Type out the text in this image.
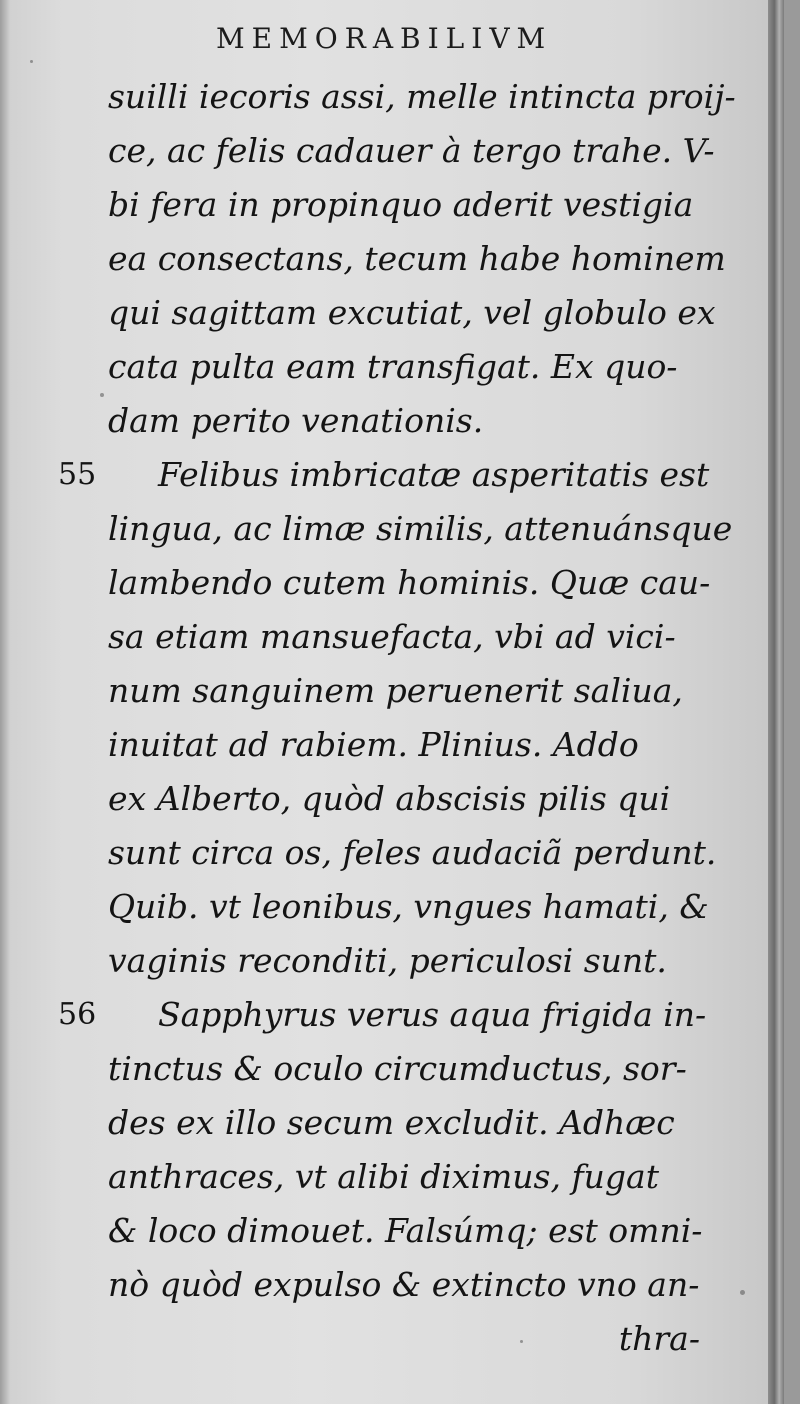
MEMORABILIVM
suilli iecoris assi, melle intincta proij-
ce, ac felis cadauer à tergo trahe. V-
bi fera in propinquo aderit vestigia
ea consectans, tecum habe hominem
qui sagittam excutiat, vel globulo ex
cata pulta eam transfigat. Ex quo-
dam perito venationis.
55 Felibus imbricatæ asperitatis est
lingua, ac limæ similis, attenuánsque
lambendo cutem hominis. Quæ cau-
sa etiam mansuefacta, vbi ad vici-
num sanguinem peruenerit saliua,
inuitat ad rabiem. Plinius. Addo
ex Alberto, quòd abscisis pilis qui
sunt circa os, feles audaciã perdunt.
Quib. vt leonibus, vngues hamati, &
vaginis reconditi, periculosi sunt.
56 Sapphyrus verus aqua frigida in-
tinctus & oculo circumductus, sor-
des ex illo secum excludit. Adhæc
anthraces, vt alibi diximus, fugat
& loco dimouet. Falsúmq; est omni-
nò quòd expulso & extincto vno an-
thra-
